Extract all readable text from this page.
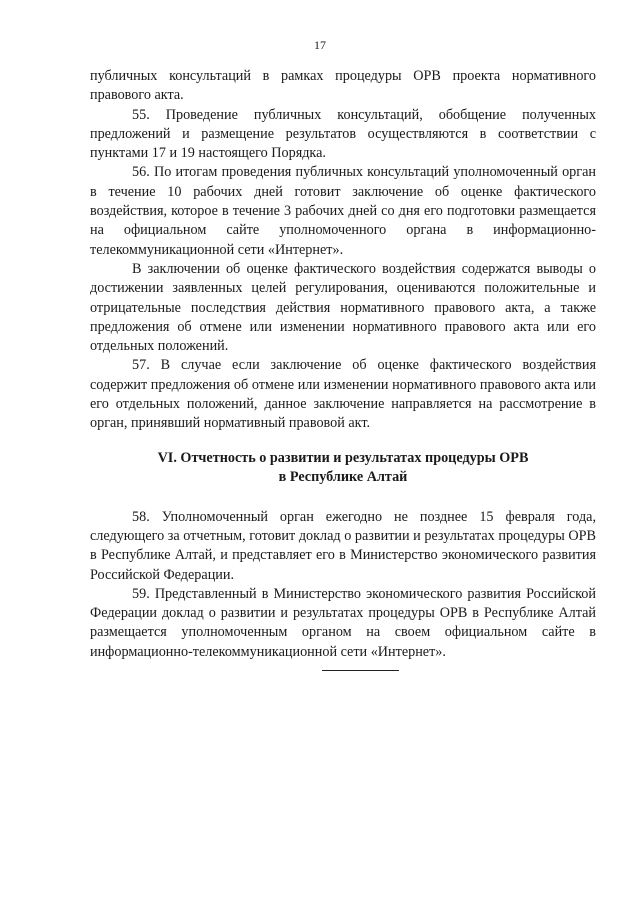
17

публичных консультаций в рамках процедуры ОРВ проекта нормативного правового акта.

55. Проведение публичных консультаций, обобщение полученных предложений и размещение результатов осуществляются в соответствии с пунктами 17 и 19 настоящего Порядка.

56. По итогам проведения публичных консультаций уполномоченный орган в течение 10 рабочих дней готовит заключение об оценке фактического воздействия, которое в течение 3 рабочих дней со дня его подготовки размещается на официальном сайте уполномоченного органа в информационно-телекоммуникационной сети «Интернет».

В заключении об оценке фактического воздействия содержатся выводы о достижении заявленных целей регулирования, оцениваются положительные и отрицательные последствия действия нормативного правового акта, а также предложения об отмене или изменении нормативного правового акта или его отдельных положений.

57. В случае если заключение об оценке фактического воздействия содержит предложения об отмене или изменении нормативного правового акта или его отдельных положений, данное заключение направляется на рассмотрение в орган, принявший нормативный правовой акт.

VI. Отчетность о развитии и результатах процедуры ОРВ
в Республике Алтай

58. Уполномоченный орган ежегодно не позднее 15 февраля года, следующего за отчетным, готовит доклад о развитии и результатах процедуры ОРВ в Республике Алтай, и представляет его в Министерство экономического развития Российской Федерации.

59. Представленный в Министерство экономического развития Российской Федерации доклад о развитии и результатах процедуры ОРВ в Республике Алтай размещается уполномоченным органом на своем официальном сайте в информационно-телекоммуникационной сети «Интернет».
